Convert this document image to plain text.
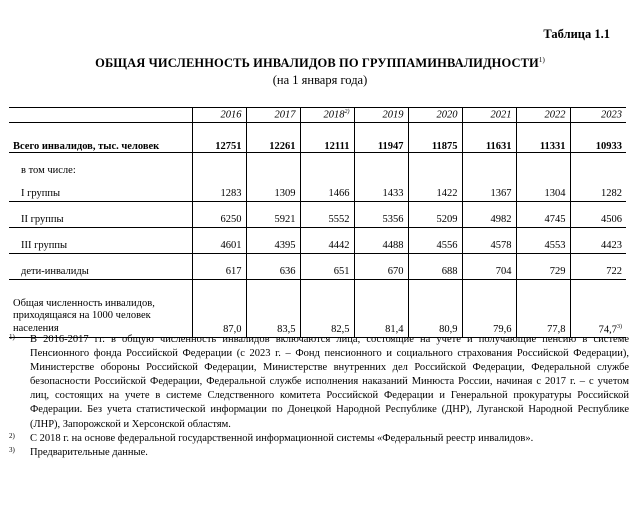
Таблица 1.1
ОБЩАЯ ЧИСЛЕННОСТЬ ИНВАЛИДОВ ПО ГРУППАМИНВАЛИДНОСТИ$^{1)}$
(на 1 января года)
	2016	2017	2018$^{2)}$	2019	2020	2021	2022	2023

Всего инвалидов, тыс. человек	12751	12261	12111	11947	11875	11631	11331	10933
в том числе:								
I группы	1283	1309	1466	1433	1422	1367	1304	1282
II группы	6250	5921	5552	5356	5209	4982	4745	4506
III группы	4601	4395	4442	4488	4556	4578	4553	4423
дети-инвалиды	617	636	651	670	688	704	729	722
Общая численность инвалидов, приходящаяся на 1000 человек населения	87,0	83,5	82,5	81,4	80,9	79,6	77,8	74,7$^{3)}$
1) В 2016-2017 гг. в общую численность инвалидов включаются лица, состоящие на учете и получающие пенсию в системе Пенсионного фонда Российской Федерации (с 2023 г. – Фонд пенсионного и социального страхования Российской Федерации), Министерстве обороны Российской Федерации, Министерстве внутренних дел Российской Федерации, Федеральной службе безопасности Российской Федерации, Федеральной службе исполнения наказаний Минюста России, начиная с 2017 г. – с учетом лиц, состоящих на учете в системе Следственного комитета Российской Федерации и Генеральной прокуратуры Российской Федерации. Без учета статистической информации по Донецкой Народной Республике (ДНР), Луганской Народной Республике (ЛНР), Запорожской и Херсонской областям.
2) С 2018 г. на основе федеральной государственной информационной системы «Федеральный реестр инвалидов».
3) Предварительные данные.
